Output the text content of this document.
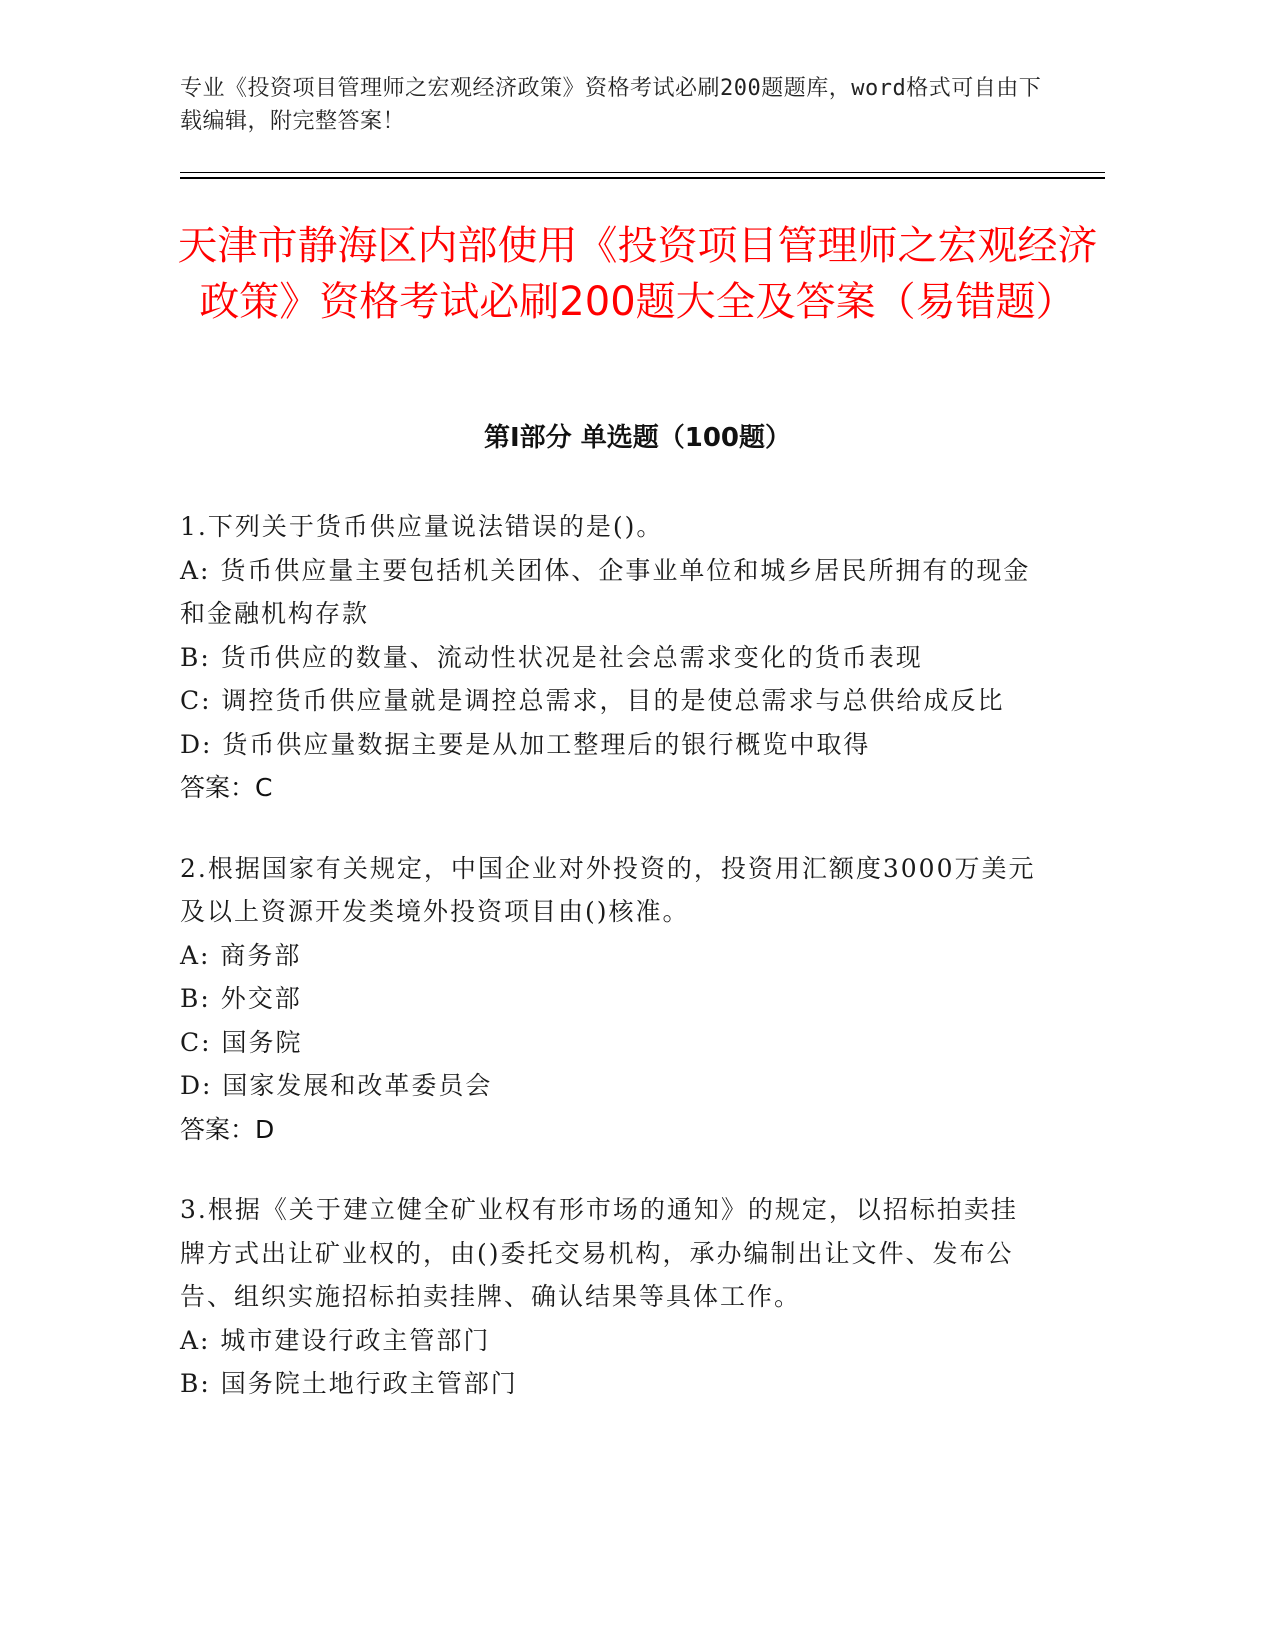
专业《投资项目管理师之宏观经济政策》资格考试必刷200题题库，word格式可自由下载编辑，附完整答案！
天津市静海区内部使用《投资项目管理师之宏观经济政策》资格考试必刷200题大全及答案（易错题）
第I部分 单选题（100题）

1.下列关于货币供应量说法错误的是()。

A: 货币供应量主要包括机关团体、企事业单位和城乡居民所拥有的现金和金融机构存款

B: 货币供应的数量、流动性状况是社会总需求变化的货币表现

C: 调控货币供应量就是调控总需求，目的是使总需求与总供给成反比

D: 货币供应量数据主要是从加工整理后的银行概览中取得

答案：C

2.根据国家有关规定，中国企业对外投资的，投资用汇额度3000万美元及以上资源开发类境外投资项目由()核准。

A: 商务部

B: 外交部

C: 国务院

D: 国家发展和改革委员会

答案：D

3.根据《关于建立健全矿业权有形市场的通知》的规定，以招标拍卖挂牌方式出让矿业权的，由()委托交易机构，承办编制出让文件、发布公告、组织实施招标拍卖挂牌、确认结果等具体工作。

A: 城市建设行政主管部门

B: 国务院土地行政主管部门
